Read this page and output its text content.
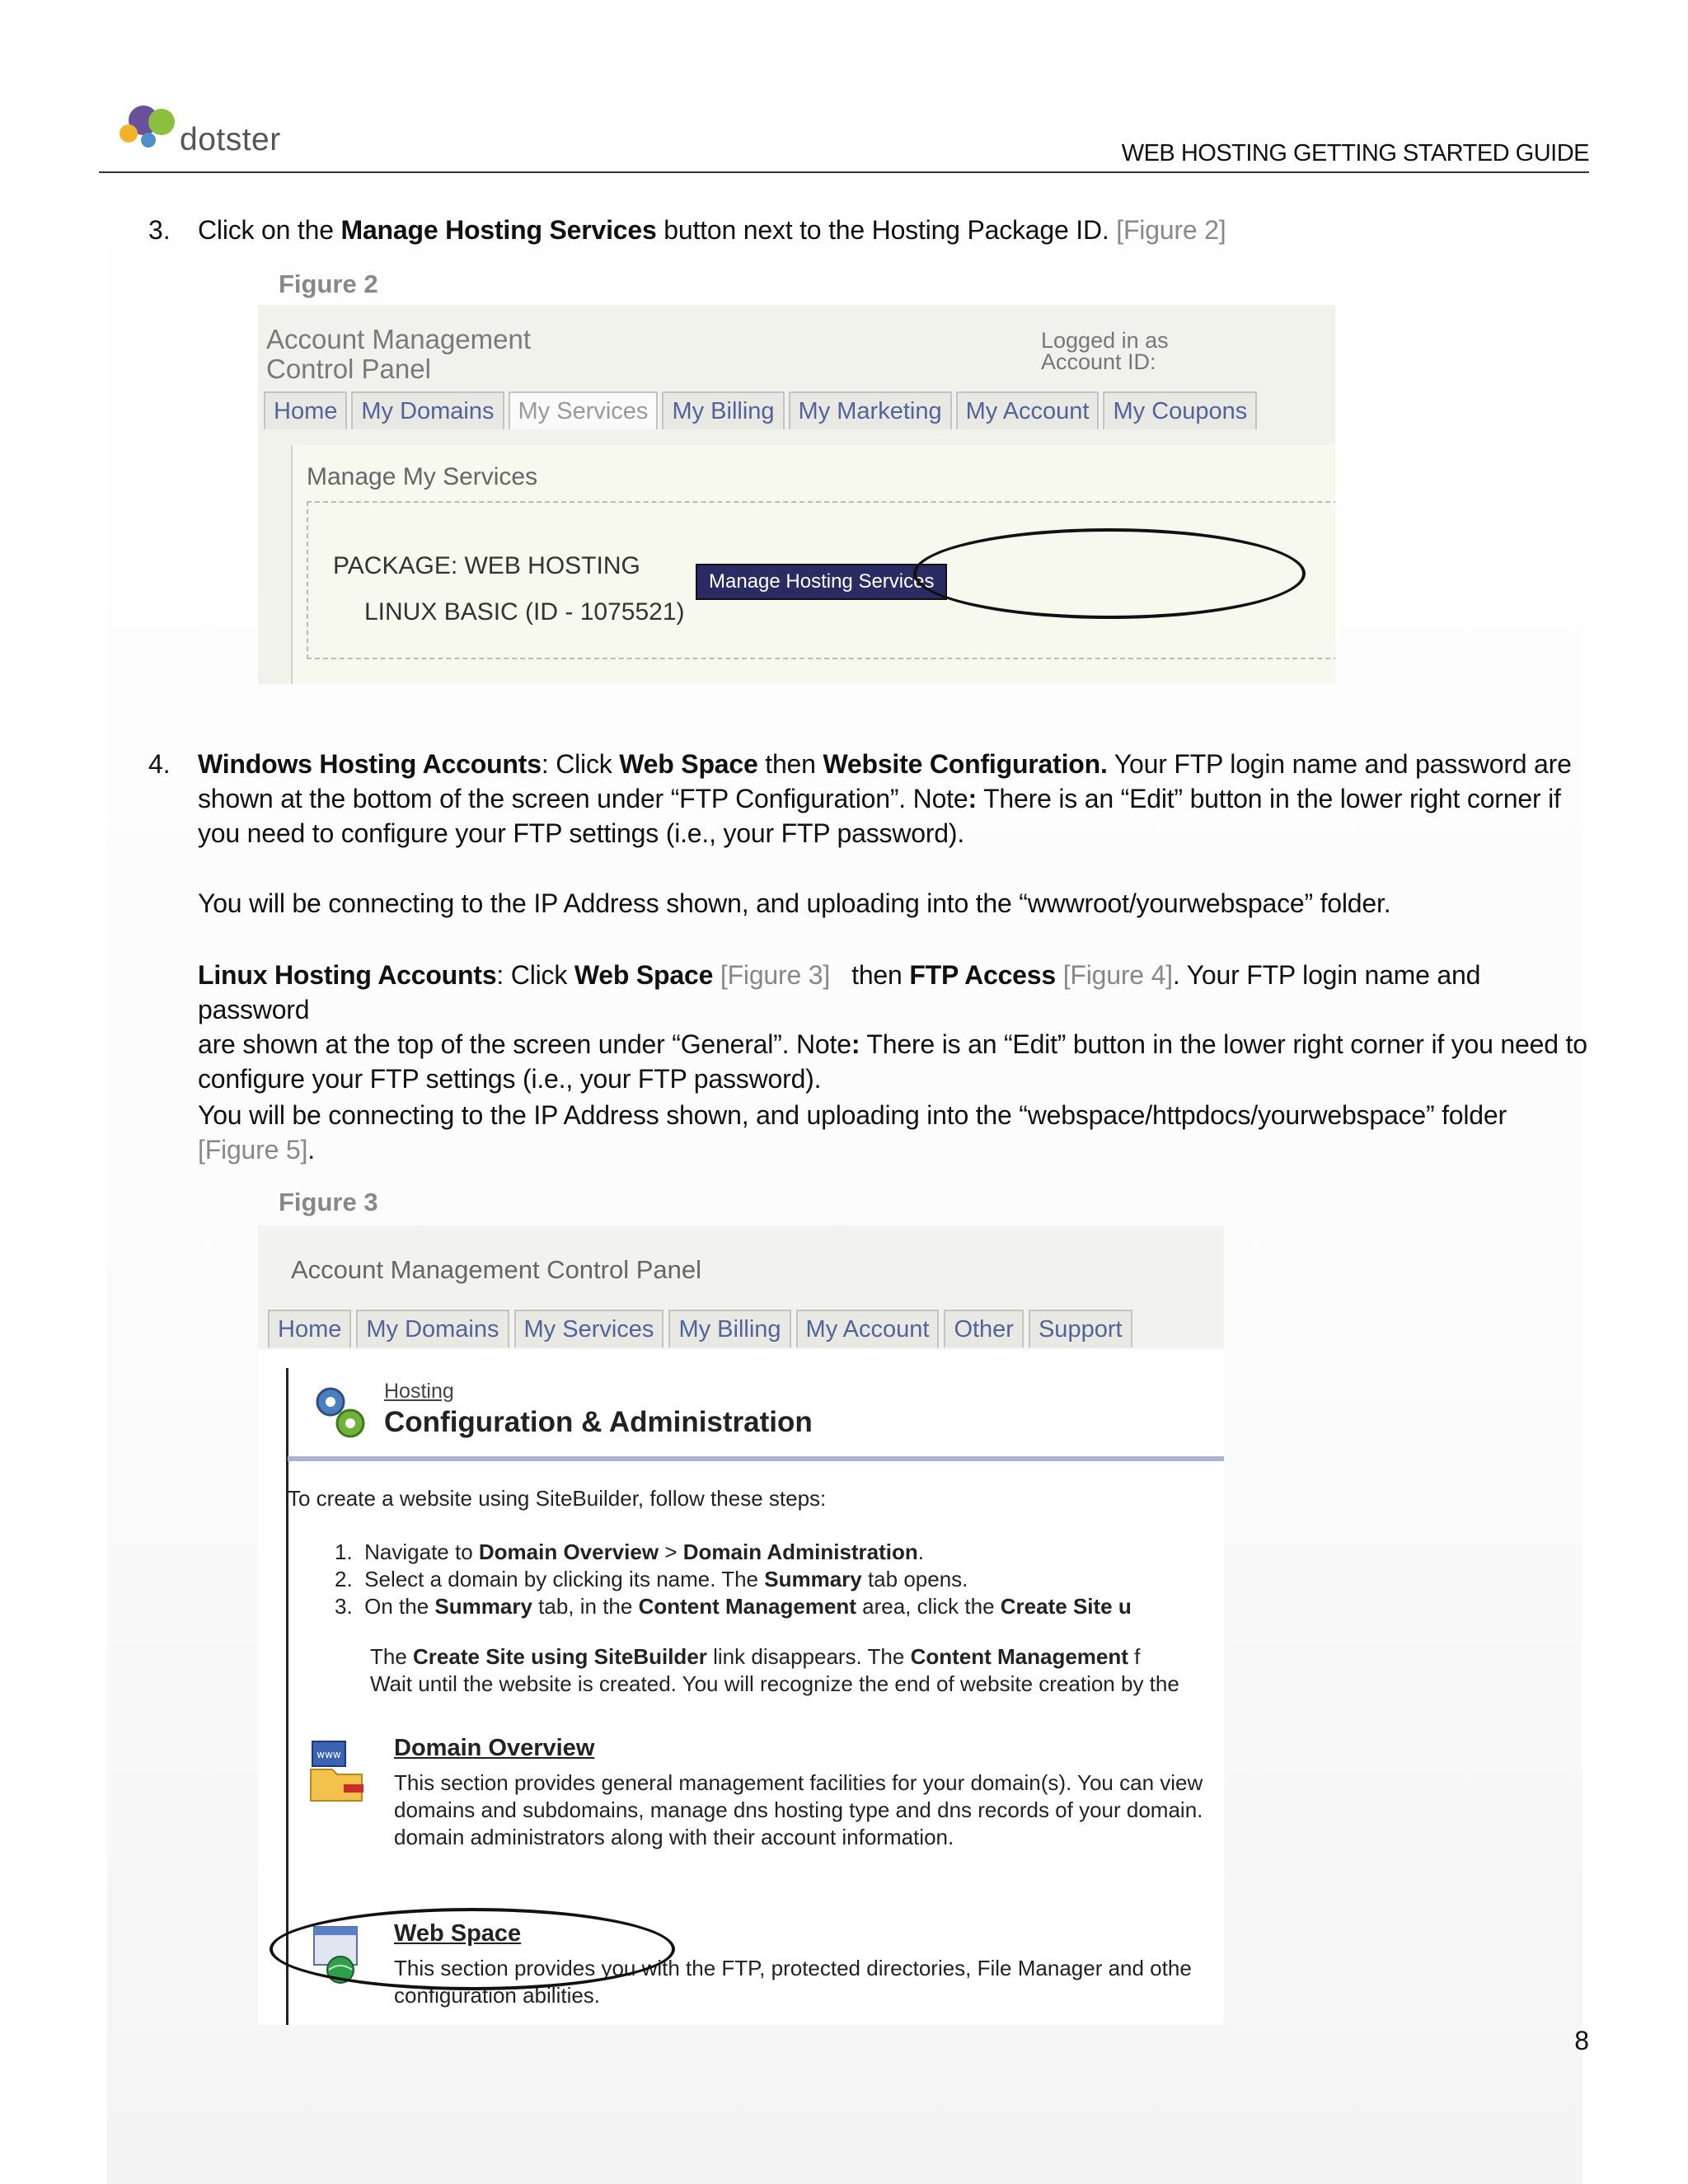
dotster	WEB HOSTING GETTING STARTED GUIDE
3. Click on the Manage Hosting Services button next to the Hosting Package ID. [Figure 2]
Figure 2
Account Management
Control Panel
Logged in as
Account ID:
Home	My Domains	My Services	My Billing	My Marketing	My Account	My Coupons
Manage My Services
PACKAGE: WEB HOSTING
LINUX BASIC (ID - 1075521)
Manage Hosting Services
4. Windows Hosting Accounts: Click Web Space then Website Configuration. Your FTP login name and password are
shown at the bottom of the screen under “FTP Configuration”. Note: There is an “Edit” button in the lower right corner if
you need to configure your FTP settings (i.e., your FTP password).
You will be connecting to the IP Address shown, and uploading into the “wwwroot/yourwebspace” folder.
Linux Hosting Accounts: Click Web Space [Figure 3]   then FTP Access [Figure 4]. Your FTP login name and password
are shown at the top of the screen under “General”. Note: There is an “Edit” button in the lower right corner if you need to
configure your FTP settings (i.e., your FTP password).
You will be connecting to the IP Address shown, and uploading into the “webspace/httpdocs/yourwebspace” folder
[Figure 5].
Figure 3
Account Management Control Panel
Home	My Domains	My Services	My Billing	My Account	Other	Support
Hosting
Configuration & Administration
To create a website using SiteBuilder, follow these steps:
1. Navigate to Domain Overview > Domain Administration.
2. Select a domain by clicking its name. The Summary tab opens.
3. On the Summary tab, in the Content Management area, click the Create Site u
The Create Site using SiteBuilder link disappears. The Content Management f
Wait until the website is created. You will recognize the end of website creation by the
www Domain Overview
This section provides general management facilities for your domain(s). You can view
domains and subdomains, manage dns hosting type and dns records of your domain.
domain administrators along with their account information.
Web Space
This section provides you with the FTP, protected directories, File Manager and othe
configuration abilities.
8
